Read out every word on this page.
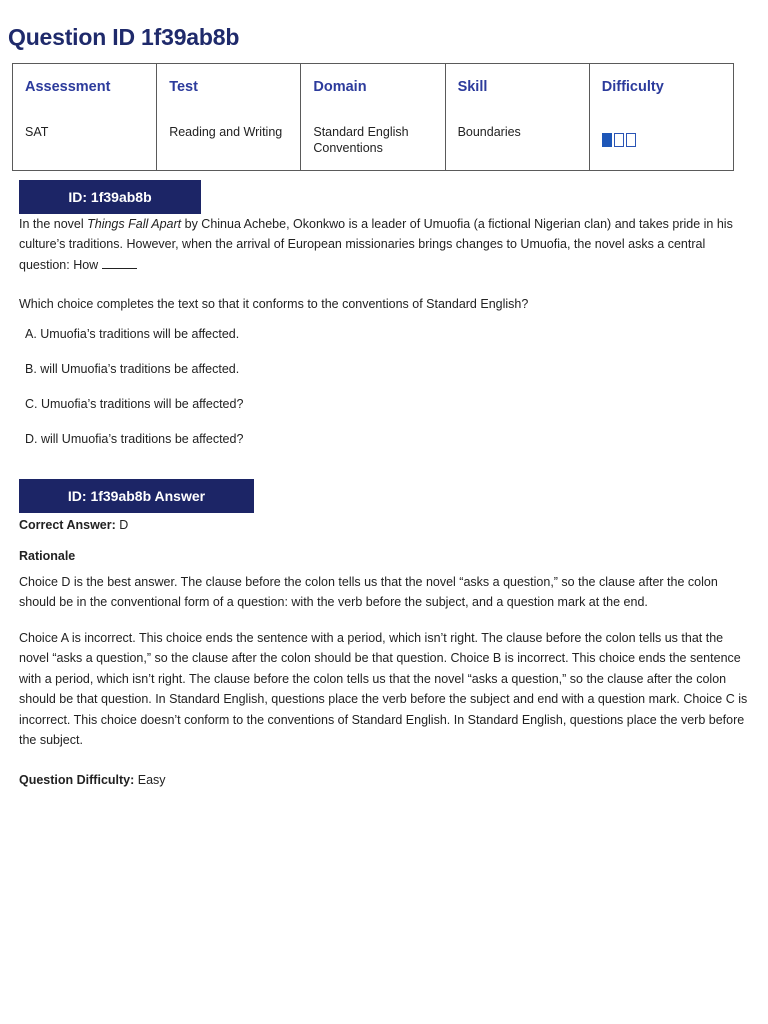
Question ID 1f39ab8b
Assessment	Test	Domain	Skill	Difficulty
SAT	Reading and Writing	Standard English Conventions	Boundaries	
ID: 1f39ab8b

In the novel Things Fall Apart by Chinua Achebe, Okonkwo is a leader of Umuofia (a fictional Nigerian clan) and takes pride in his culture’s traditions. However, when the arrival of European missionaries brings changes to Umuofia, the novel asks a central question: How

Which choice completes the text so that it conforms to the conventions of Standard English?

A. Umuofia’s traditions will be affected.

B. will Umuofia’s traditions be affected.

C. Umuofia’s traditions will be affected?

D. will Umuofia’s traditions be affected?

ID: 1f39ab8b Answer

Correct Answer: D

Rationale

Choice D is the best answer. The clause before the colon tells us that the novel “asks a question,” so the clause after the colon should be in the conventional form of a question: with the verb before the subject, and a question mark at the end.

Choice A is incorrect. This choice ends the sentence with a period, which isn’t right. The clause before the colon tells us that the novel “asks a question,” so the clause after the colon should be that question. Choice B is incorrect. This choice ends the sentence with a period, which isn’t right. The clause before the colon tells us that the novel “asks a question,” so the clause after the colon should be that question. In Standard English, questions place the verb before the subject and end with a question mark. Choice C is incorrect. This choice doesn’t conform to the conventions of Standard English. In Standard English, questions place the verb before the subject.

Question Difficulty: Easy
